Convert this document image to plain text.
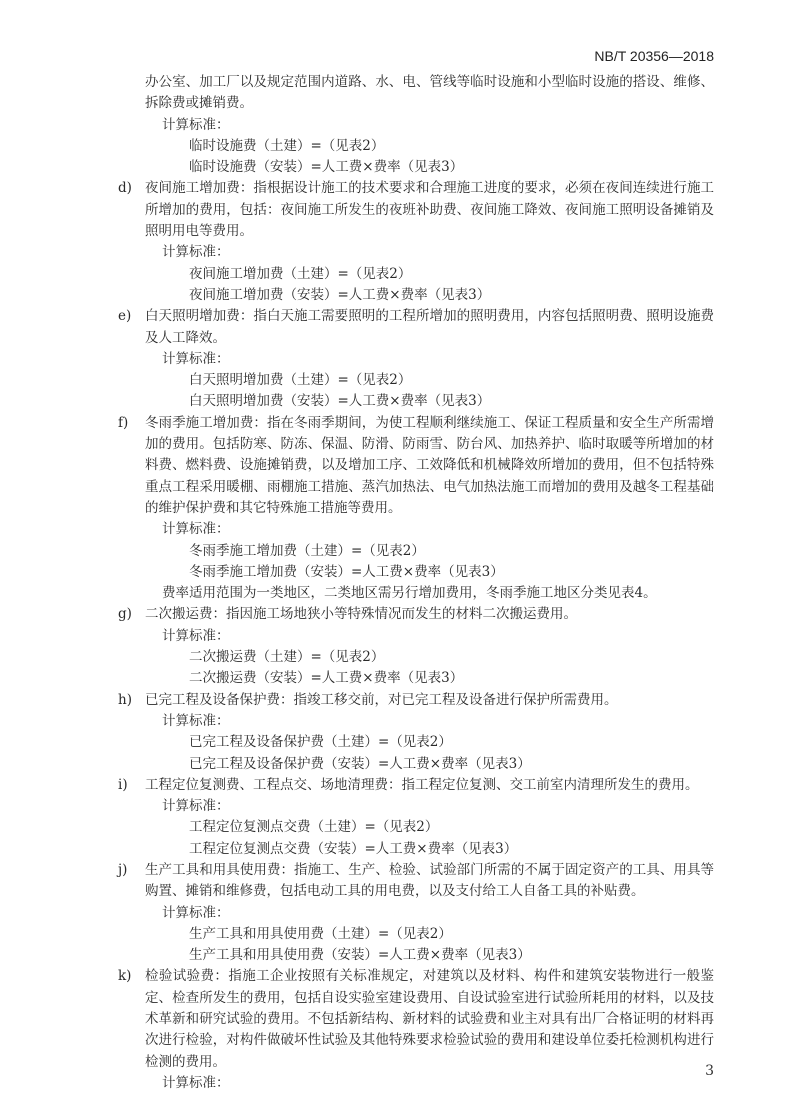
NB/T 20356—2018

办公室、加工厂以及规定范围内道路、水、电、管线等临时设施和小型临时设施的搭设、维修、拆除费或摊销费。

计算标准：

临时设施费（土建）=（见表2）

临时设施费（安装）=人工费×费率（见表3）

d) 夜间施工增加费：指根据设计施工的技术要求和合理施工进度的要求，必须在夜间连续进行施工所增加的费用，包括：夜间施工所发生的夜班补助费、夜间施工降效、夜间施工照明设备摊销及照明用电等费用。

计算标准：

夜间施工增加费（土建）=（见表2）

夜间施工增加费（安装）=人工费×费率（见表3）

e) 白天照明增加费：指白天施工需要照明的工程所增加的照明费用，内容包括照明费、照明设施费及人工降效。

计算标准：

白天照明增加费（土建）=（见表2）

白天照明增加费（安装）=人工费×费率（见表3）

f) 冬雨季施工增加费：指在冬雨季期间，为使工程顺利继续施工、保证工程质量和安全生产所需增加的费用。包括防寒、防冻、保温、防滑、防雨雪、防台风、加热养护、临时取暖等所增加的材料费、燃料费、设施摊销费，以及增加工序、工效降低和机械降效所增加的费用，但不包括特殊重点工程采用暖棚、雨棚施工措施、蒸汽加热法、电气加热法施工而增加的费用及越冬工程基础的维护保护费和其它特殊施工措施等费用。

计算标准：

冬雨季施工增加费（土建）=（见表2）

冬雨季施工增加费（安装）=人工费×费率（见表3）

费率适用范围为一类地区，二类地区需另行增加费用，冬雨季施工地区分类见表4。

g) 二次搬运费：指因施工场地狭小等特殊情况而发生的材料二次搬运费用。

计算标准：

二次搬运费（土建）=（见表2）

二次搬运费（安装）=人工费×费率（见表3）

h) 已完工程及设备保护费：指竣工移交前，对已完工程及设备进行保护所需费用。

计算标准：

已完工程及设备保护费（土建）=（见表2）

已完工程及设备保护费（安装）=人工费×费率（见表3）

i) 工程定位复测费、工程点交、场地清理费：指工程定位复测、交工前室内清理所发生的费用。

计算标准：

工程定位复测点交费（土建）=（见表2）

工程定位复测点交费（安装）=人工费×费率（见表3）

j) 生产工具和用具使用费：指施工、生产、检验、试验部门所需的不属于固定资产的工具、用具等购置、摊销和维修费，包括电动工具的用电费，以及支付给工人自备工具的补贴费。

计算标准：

生产工具和用具使用费（土建）=（见表2）

生产工具和用具使用费（安装）=人工费×费率（见表3）

k) 检验试验费：指施工企业按照有关标准规定，对建筑以及材料、构件和建筑安装物进行一般鉴定、检查所发生的费用，包括自设实验室建设费用、自设试验室进行试验所耗用的材料，以及技术革新和研究试验的费用。不包括新结构、新材料的试验费和业主对具有出厂合格证明的材料再次进行检验，对构件做破坏性试验及其他特殊要求检验试验的费用和建设单位委托检测机构进行检测的费用。

计算标准：

3
